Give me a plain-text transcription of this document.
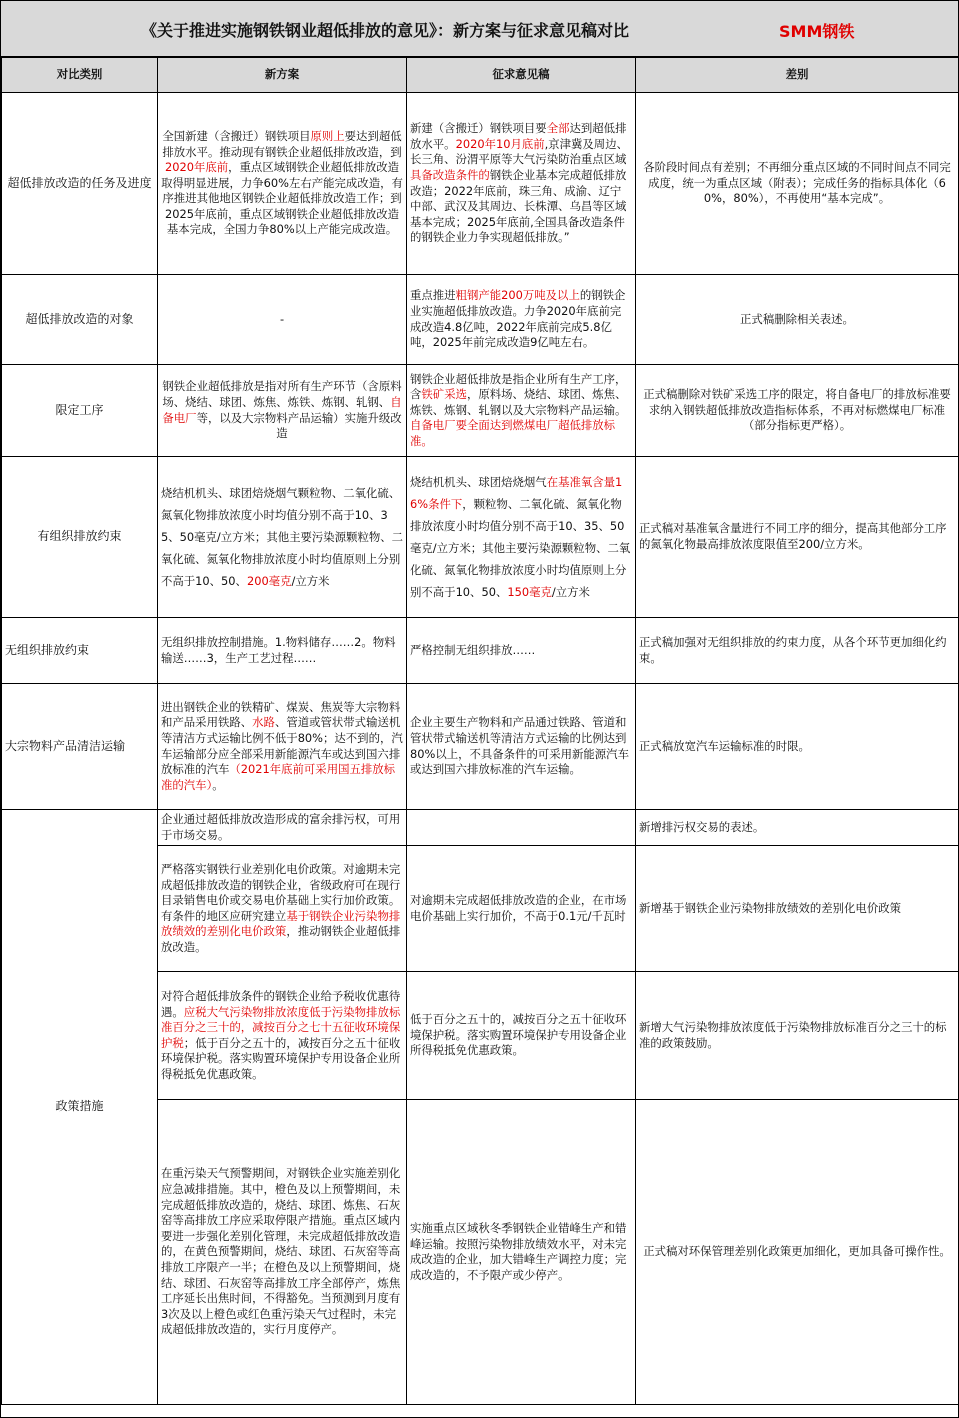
《关于推进实施钢铁钢业超低排放的意见》：新方案与征求意见稿对比	SMM钢铁
对比类别	新方案	征求意见稿	差别
超低排放改造的任务及进度	全国新建（含搬迁）钢铁项目原则上要达到超低排放水平。推动现有钢铁企业超低排放改造，到2020年底前，重点区域钢铁企业超低排放改造取得明显进展，力争60%左右产能完成改造，有序推进其他地区钢铁企业超低排放改造工作；到2025年底前，重点区域钢铁企业超低排放改造基本完成，全国力争80%以上产能完成改造。	新建（含搬迁）钢铁项目要全部达到超低排放水平。2020年10月底前,京津冀及周边、长三角、汾渭平原等大气污染防治重点区域具备改造条件的钢铁企业基本完成超低排放改造；2022年底前，珠三角、成渝、辽宁中部、武汉及其周边、长株潭、乌昌等区域基本完成；2025年底前,全国具备改造条件的钢铁企业力争实现超低排放。”	各阶段时间点有差别；不再细分重点区域的不同时间点不同完成度，统一为重点区域（附表）；完成任务的指标具体化（60%，80%），不再使用“基本完成”。
超低排放改造的对象	-	重点推进粗钢产能200万吨及以上的钢铁企业实施超低排放改造。力争2020年底前完成改造4.8亿吨，2022年底前完成5.8亿吨，2025年前完成改造9亿吨左右。	正式稿删除相关表述。
限定工序	钢铁企业超低排放是指对所有生产环节（含原料场、烧结、球团、炼焦、炼铁、炼钢、轧钢、自备电厂等，以及大宗物料产品运输）实施升级改造	钢铁企业超低排放是指企业所有生产工序，含铁矿采选，原料场、烧结、球团、炼焦、炼铁、炼钢、轧钢以及大宗物料产品运输。自备电厂要全面达到燃煤电厂超低排放标准。	正式稿删除对铁矿采选工序的限定，将自备电厂的排放标准要求纳入钢铁超低排放改造指标体系，不再对标燃煤电厂标准（部分指标更严格）。
有组织排放约束	烧结机机头、球团焙烧烟气颗粒物、二氧化硫、氮氧化物排放浓度小时均值分别不高于10、35、50毫克/立方米；其他主要污染源颗粒物、二氧化硫、氮氧化物排放浓度小时均值原则上分别不高于10、50、200毫克/立方米	烧结机机头、球团焙烧烟气在基准氧含量16%条件下，颗粒物、二氧化硫、氮氧化物排放浓度小时均值分别不高于10、35、50毫克/立方米；其他主要污染源颗粒物、二氧化硫、氮氧化物排放浓度小时均值原则上分别不高于10、50、150毫克/立方米	正式稿对基准氧含量进行不同工序的细分，提高其他部分工序的氮氧化物最高排放浓度限值至200/立方米。
无组织排放约束	无组织排放控制措施。1.物料储存……2。物料输送……3，生产工艺过程……	严格控制无组织排放……	正式稿加强对无组织排放的约束力度，从各个环节更加细化约束。
大宗物料产品清洁运输	进出钢铁企业的铁精矿、煤炭、焦炭等大宗物料和产品采用铁路、水路、管道或管状带式输送机等清洁方式运输比例不低于80%；达不到的，汽车运输部分应全部采用新能源汽车或达到国六排放标准的汽车（2021年底前可采用国五排放标准的汽车）。	企业主要生产物料和产品通过铁路、管道和管状带式输送机等清洁方式运输的比例达到80%以上，不具备条件的可采用新能源汽车或达到国六排放标准的汽车运输。	正式稿放宽汽车运输标准的时限。
政策措施	企业通过超低排放改造形成的富余排污权，可用于市场交易。		新增排污权交易的表述。
	严格落实钢铁行业差别化电价政策。对逾期未完成超低排放改造的钢铁企业，省级政府可在现行目录销售电价或交易电价基础上实行加价政策。有条件的地区应研究建立基于钢铁企业污染物排放绩效的差别化电价政策，推动钢铁企业超低排放改造。	对逾期未完成超低排放改造的企业，在市场电价基础上实行加价，不高于0.1元/千瓦时	新增基于钢铁企业污染物排放绩效的差别化电价政策
	对符合超低排放条件的钢铁企业给予税收优惠待遇。应税大气污染物排放浓度低于污染物排放标准百分之三十的，减按百分之七十五征收环境保护税；低于百分之五十的，减按百分之五十征收环境保护税。落实购置环境保护专用设备企业所得税抵免优惠政策。	低于百分之五十的，减按百分之五十征收环境保护税。落实购置环境保护专用设备企业所得税抵免优惠政策。	新增大气污染物排放浓度低于污染物排放标准百分之三十的标准的政策鼓励。
	在重污染天气预警期间，对钢铁企业实施差别化应急减排措施。其中，橙色及以上预警期间，未完成超低排放改造的，烧结、球团、炼焦、石灰窑等高排放工序应采取停限产措施。重点区域内要进一步强化差别化管理，未完成超低排放改造的，在黄色预警期间，烧结、球团、石灰窑等高排放工序限产一半；在橙色及以上预警期间，烧结、球团、石灰窑等高排放工序全部停产，炼焦工序延长出焦时间，不得豁免。当预测到月度有3次及以上橙色或红色重污染天气过程时，未完成超低排放改造的，实行月度停产。	实施重点区域秋冬季钢铁企业错峰生产和错峰运输。按照污染物排放绩效水平，对未完成改造的企业，加大错峰生产调控力度；完成改造的，不予限产或少停产。	正式稿对环保管理差别化政策更加细化，更加具备可操作性。
